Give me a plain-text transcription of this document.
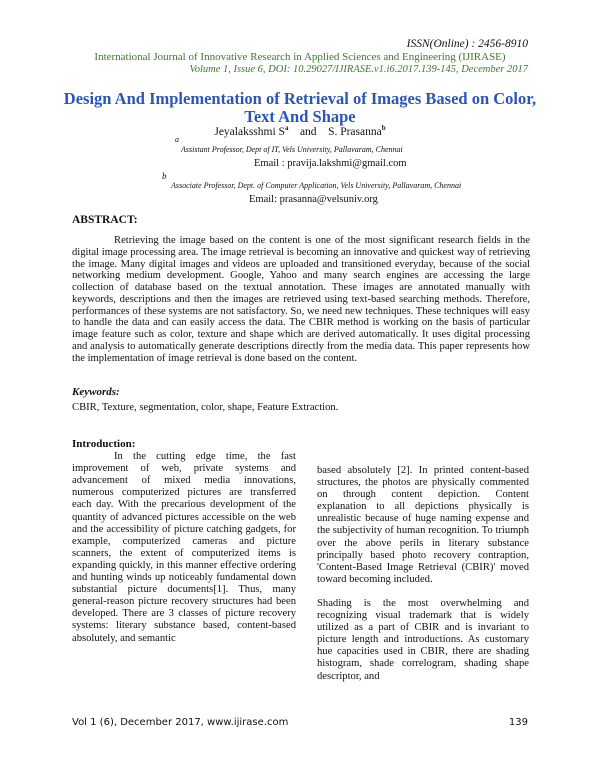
ISSN(Online) : 2456-8910
International Journal of Innovative Research in Applied Sciences and Engineering (IJIRASE)
Volume 1, Issue 6, DOI: 10.29027/IJIRASE.v1.i6.2017.139-145, December 2017
Design And Implementation of Retrieval of Images Based on Color, Text And Shape
Jeyalaksshmi $S^a$ and S. Prasanna$^b$
a
Assistant Professor, Dept of IT, Vels University, Pallavaram, Chennai
Email : pravija.lakshmi@gmail.com
b
Associate Professor, Dept. of Computer Application, Vels University, Pallavaram, Chennai
Email: prasanna@velsuniv.org
ABSTRACT:
Retrieving the image based on the content is one of the most significant research fields in the digital image processing area. The image retrieval is becoming an innovative and quickest way of retrieving the image. Many digital images and videos are uploaded and transitioned everyday, because of the social networking medium development. Google, Yahoo and many search engines are accessing the large collection of database based on the textual annotation. These images are annotated manually with keywords, descriptions and then the images are retrieved using text-based searching methods. Therefore, performances of these systems are not satisfactory. So, we need new techniques. These techniques will easy to handle the data and can easily access the data. The CBIR method is working on the basis of particular image feature such as color, texture and shape which are derived automatically. It uses digital processing and analysis to automatically generate descriptions directly from the media data. This paper represents how the implementation of image retrieval is done based on the content.
Keywords:
CBIR, Texture, segmentation, color, shape, Feature Extraction.
Introduction:
In the cutting edge time, the fast improvement of web, private systems and advancement of mixed media innovations, numerous computerized pictures are transferred each day. With the precarious development of the quantity of advanced pictures accessible on the web and the accessibility of picture catching gadgets, for example, computerized cameras and picture scanners, the extent of computerized items is expanding quickly, in this manner effective ordering and hunting winds up noticeably fundamental down substantial picture documents[1]. Thus, many general-reason picture recovery structures had been developed. There are 3 classes of picture recovery systems: literary substance based, content-based absolutely, and semantic
based absolutely [2]. In printed content-based structures, the photos are physically commented on through content depiction. Content explanation to all depictions physically is unrealistic because of huge naming expense and the subjectivity of human recognition. To triumph over the above perils in literary substance principally based photo recovery contraption, 'Content-Based Image Retrieval (CBIR)' moved toward becoming included.
Shading is the most overwhelming and recognizing visual trademark that is widely utilized as a part of CBIR and is invariant to picture length and introductions. As customary hue capacities used in CBIR, there are shading histogram, shade correlogram, shading shape descriptor, and
Vol 1 (6), December 2017, www.ijirase.com	139
